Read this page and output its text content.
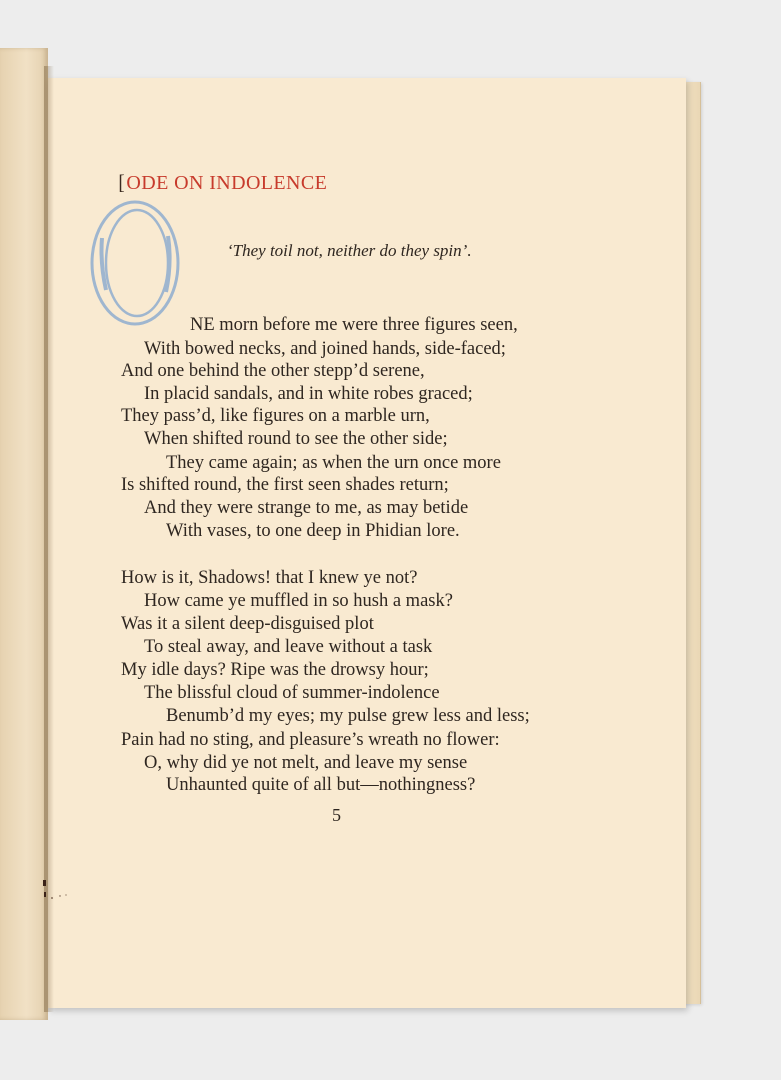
[ODE ON INDOLENCE
‘They toil not, neither do they spin’.
NE morn before me were three figures seen,
With bowed necks, and joined hands, side-faced;
And one behind the other stepp’d serene,
In placid sandals, and in white robes graced;
They pass’d, like figures on a marble urn,
When shifted round to see the other side;
They came again; as when the urn once more
Is shifted round, the first seen shades return;
And they were strange to me, as may betide
With vases, to one deep in Phidian lore.
How is it, Shadows! that I knew ye not?
How came ye muffled in so hush a mask?
Was it a silent deep-disguised plot
To steal away, and leave without a task
My idle days? Ripe was the drowsy hour;
The blissful cloud of summer-indolence
Benumb’d my eyes; my pulse grew less and less;
Pain had no sting, and pleasure’s wreath no flower:
O, why did ye not melt, and leave my sense
Unhaunted quite of all but—nothingness?
5
